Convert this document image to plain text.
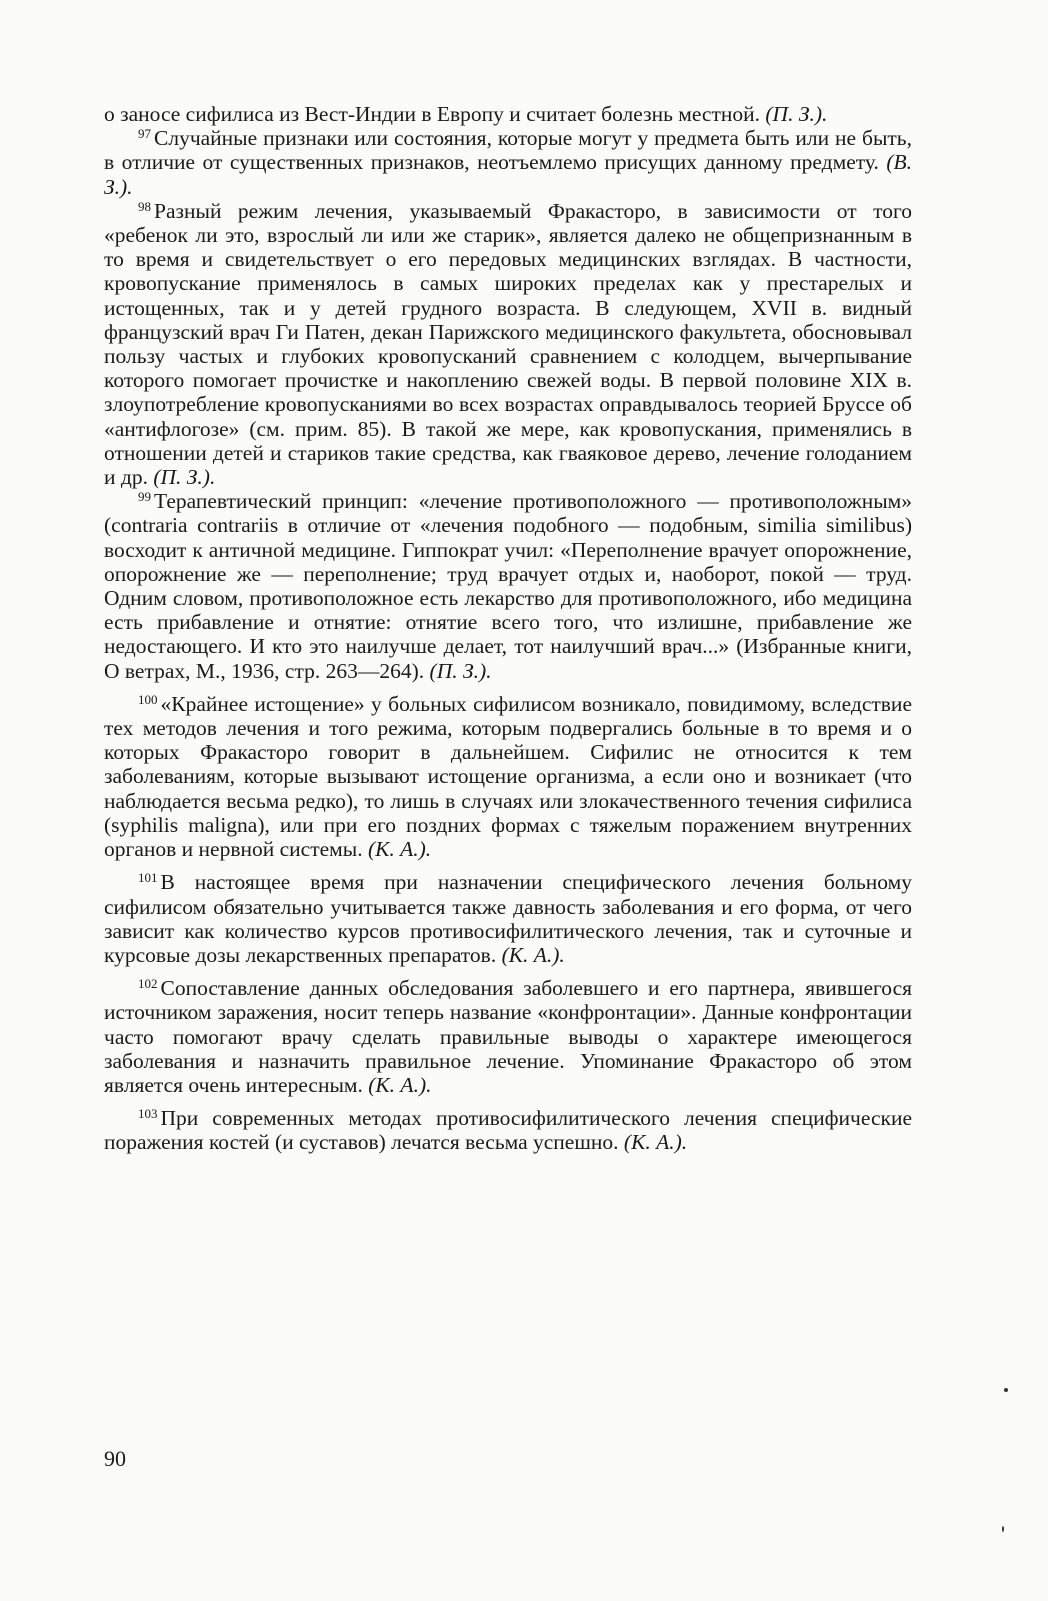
о заносе сифилиса из Вест-Индии в Европу и считает болезнь местной. (П. З.).

$^{97}$ Случайные признаки или состояния, которые могут у предмета быть или не быть, в отличие от существенных признаков, неотъемлемо присущих данному предмету. (В. З.).

$^{98}$ Разный режим лечения, указываемый Фракасторо, в зависимости от того «ребенок ли это, взрослый ли или же старик», является далеко не общепризнанным в то время и свидетельствует о его передовых медицинских взглядах. В частности, кровопускание применялось в самых широких пределах как у престарелых и истощенных, так и у детей грудного возраста. В следующем, XVII в. видный французский врач Ги Патен, декан Парижского медицинского факультета, обосновывал пользу частых и глубоких кровопусканий сравнением с колодцем, вычерпывание которого помогает прочистке и накоплению свежей воды. В первой половине XIX в. злоупотребление кровопусканиями во всех возрастах оправдывалось теорией Бруссе об «антифлогозе» (см. прим. 85). В такой же мере, как кровопускания, применялись в отношении детей и стариков такие средства, как гваяковое дерево, лечение голоданием и др. (П. З.).

$^{99}$ Терапевтический принцип: «лечение противоположного — противоположным» (contraria contrariis в отличие от «лечения подобного — подобным, similia similibus) восходит к античной медицине. Гиппократ учил: «Переполнение врачует опорожнение, опорожнение же — переполнение; труд врачует отдых и, наоборот, покой — труд. Одним словом, противоположное есть лекарство для противоположного, ибо медицина есть прибавление и отнятие: отнятие всего того, что излишне, прибавление же недостающего. И кто это наилучше делает, тот наилучший врач...» (Избранные книги, О ветрах, М., 1936, стр. 263—264). (П. З.).

$^{100}$ «Крайнее истощение» у больных сифилисом возникало, повидимому, вследствие тех методов лечения и того режима, которым подвергались больные в то время и о которых Фракасторо говорит в дальнейшем. Сифилис не относится к тем заболеваниям, которые вызывают истощение организма, а если оно и возникает (что наблюдается весьма редко), то лишь в случаях или злокачественного течения сифилиса (syphilis maligna), или при его поздних формах с тяжелым поражением внутренних органов и нервной системы. (К. А.).

$^{101}$ В настоящее время при назначении специфического лечения больному сифилисом обязательно учитывается также давность заболевания и его форма, от чего зависит как количество курсов противосифилитического лечения, так и суточные и курсовые дозы лекарственных препаратов. (К. А.).

$^{102}$ Сопоставление данных обследования заболевшего и его партнера, явившегося источником заражения, носит теперь название «конфронтации». Данные конфронтации часто помогают врачу сделать правильные выводы о характере имеющегося заболевания и назначить правильное лечение. Упоминание Фракасторо об этом является очень интересным. (К. А.).

$^{103}$ При современных методах противосифилитического лечения специфические поражения костей (и суставов) лечатся весьма успешно. (К. А.).

90
